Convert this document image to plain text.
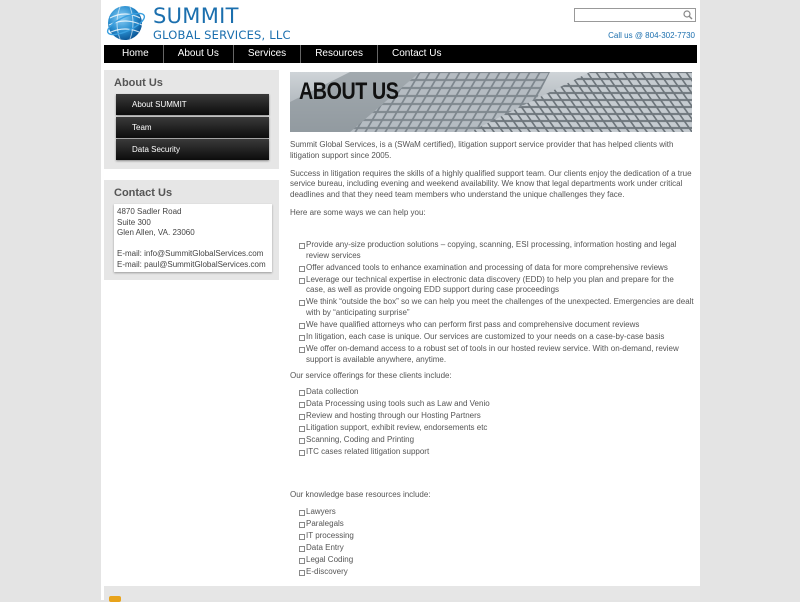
SUMMIT
GLOBAL SERVICES, LLC	Call us @ 804-302-7730
Home	About Us	Services	Resources	Contact Us
About Us
About SUMMIT
Team
Data Security
Contact Us
4870 Sadler Road
Suite 300
Glen Allen, VA. 23060
E-mail: info@SummitGlobalServices.com
E-mail: paul@SummitGlobalServices.com
ABOUT US

Summit Global Services, is a (SWaM certified), litigation support service provider that has helped clients with litigation support since 2005.

Success in litigation requires the skills of a highly qualified support team. Our clients enjoy the dedication of a true service bureau, including evening and weekend availability. We know that legal departments work under critical deadlines and that they need team members who understand the unique challenges they face.

Here are some ways we can help you:

Provide any-size production solutions – copying, scanning, ESI processing, information hosting and legal review services
Offer advanced tools to enhance examination and processing of data for more comprehensive reviews
Leverage our technical expertise in electronic data discovery (EDD) to help you plan and prepare for the case, as well as provide ongoing EDD support during case proceedings
We think “outside the box” so we can help you meet the challenges of the unexpected. Emergencies are dealt with by “anticipating surprise”
We have qualified attorneys who can perform first pass and comprehensive document reviews
In litigation, each case is unique. Our services are customized to your needs on a case-by-case basis
We offer on-demand access to a robust set of tools in our hosted review service. With on-demand, review support is available anywhere, anytime.

Our service offerings for these clients include:

Data collection
Data Processing using tools such as Law and Venio
Review and hosting through our Hosting Partners
Litigation support, exhibit review, endorsements etc
Scanning, Coding and Printing
ITC cases related litigation support

Our knowledge base resources include:

Lawyers
Paralegals
IT processing
Data Entry
Legal Coding
E-discovery
